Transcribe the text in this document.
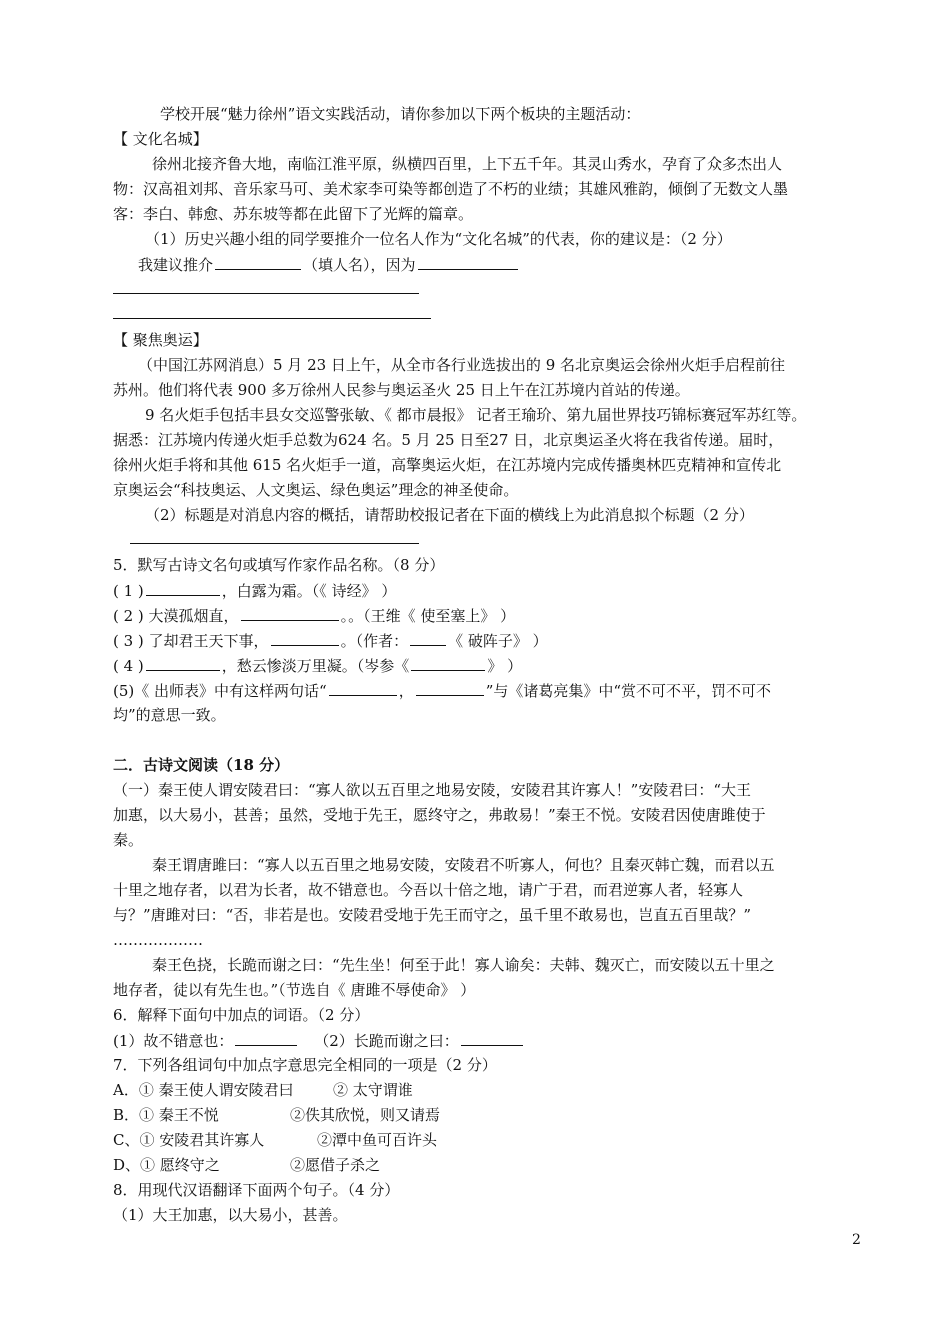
学校开展“魅力徐州”语文实践活动，请你参加以下两个板块的主题活动：
【 文化名城】
徐州北接齐鲁大地，南临江淮平原，纵横四百里，上下五千年。其灵山秀水，孕育了众多杰出人
物：汉高祖刘邦、音乐家马可、美术家李可染等都创造了不朽的业绩；其雄风雅韵，倾倒了无数文人墨
客：李白、韩愈、苏东坡等都在此留下了光辉的篇章。
（1）历史兴趣小组的同学要推介一位名人作为“文化名城”的代表，你的建议是：（2 分）
我建议推介	（填人名），因为
【 聚焦奥运】
（中国江苏网消息）5 月 23 日上午，从全市各行业选拔出的 9 名北京奥运会徐州火炬手启程前往
苏州。他们将代表 900 多万徐州人民参与奥运圣火 25 日上午在江苏境内首站的传递。
9 名火炬手包括丰县女交巡警张敏、《 都市晨报》 记者王瑜玠、第九届世界技巧锦标赛冠军苏红等。
据悉：江苏境内传递火炬手总数为624 名。5 月 25 日至27 日，北京奥运圣火将在我省传递。届时，
徐州火炬手将和其他 615 名火炬手一道，高擎奥运火炬，在江苏境内完成传播奥林匹克精神和宣传北
京奥运会“科技奥运、人文奥运、绿色奥运”理念的神圣使命。
（2）标题是对消息内容的概括，请帮助校报记者在下面的横线上为此消息拟个标题（2 分）
5．默写古诗文名句或填写作家作品名称。（8 分）
( 1 )	，白露为霜。（《 诗经》 ）
( 2 ) 大漠孤烟直，	。。（王维《 使至塞上》 ）
( 3 ) 了却君王天下事，	。（作者：	《 破阵子》 ）
( 4 )	，愁云惨淡万里凝。（岑参《	》 ）
(5)《 出师表》中有这样两句话“	，	”与《诸葛亮集》中“赏不可不平，罚不可不
均”的意思一致。
二．古诗文阅读（18 分）
（一）秦王使人谓安陵君曰：“寡人欲以五百里之地易安陵，安陵君其许寡人！”安陵君曰：“大王
加惠，以大易小，甚善；虽然，受地于先王，愿终守之，弗敢易！”秦王不悦。安陵君因使唐雎使于
秦。
秦王谓唐雎曰：“寡人以五百里之地易安陵，安陵君不听寡人，何也？且秦灭韩亡魏，而君以五
十里之地存者，以君为长者，故不错意也。今吾以十倍之地，请广于君，而君逆寡人者，轻寡人
与？”唐雎对曰：“否，非若是也。安陵君受地于先王而守之，虽千里不敢易也，岂直五百里哉？”
………………
秦王色挠，长跪而谢之曰：“先生坐！何至于此！寡人谕矣：夫韩、魏灭亡，而安陵以五十里之
地存者，徒以有先生也。”（节选自《 唐雎不辱使命》 ）
6．解释下面句中加点的词语。（2 分）
(1）故不错意也：	（2）长跪而谢之曰：
7．下列各组词句中加点字意思完全相同的一项是（2 分）
A．① 秦王使人谓安陵君曰	② 太守谓谁
B．① 秦王不悦	②佚其欣悦，则又请焉
C、① 安陵君其许寡人	②潭中鱼可百许头
D、① 愿终守之	②愿借子杀之
8．用现代汉语翻译下面两个句子。（4 分）
（1）大王加惠，以大易小，甚善。
2
